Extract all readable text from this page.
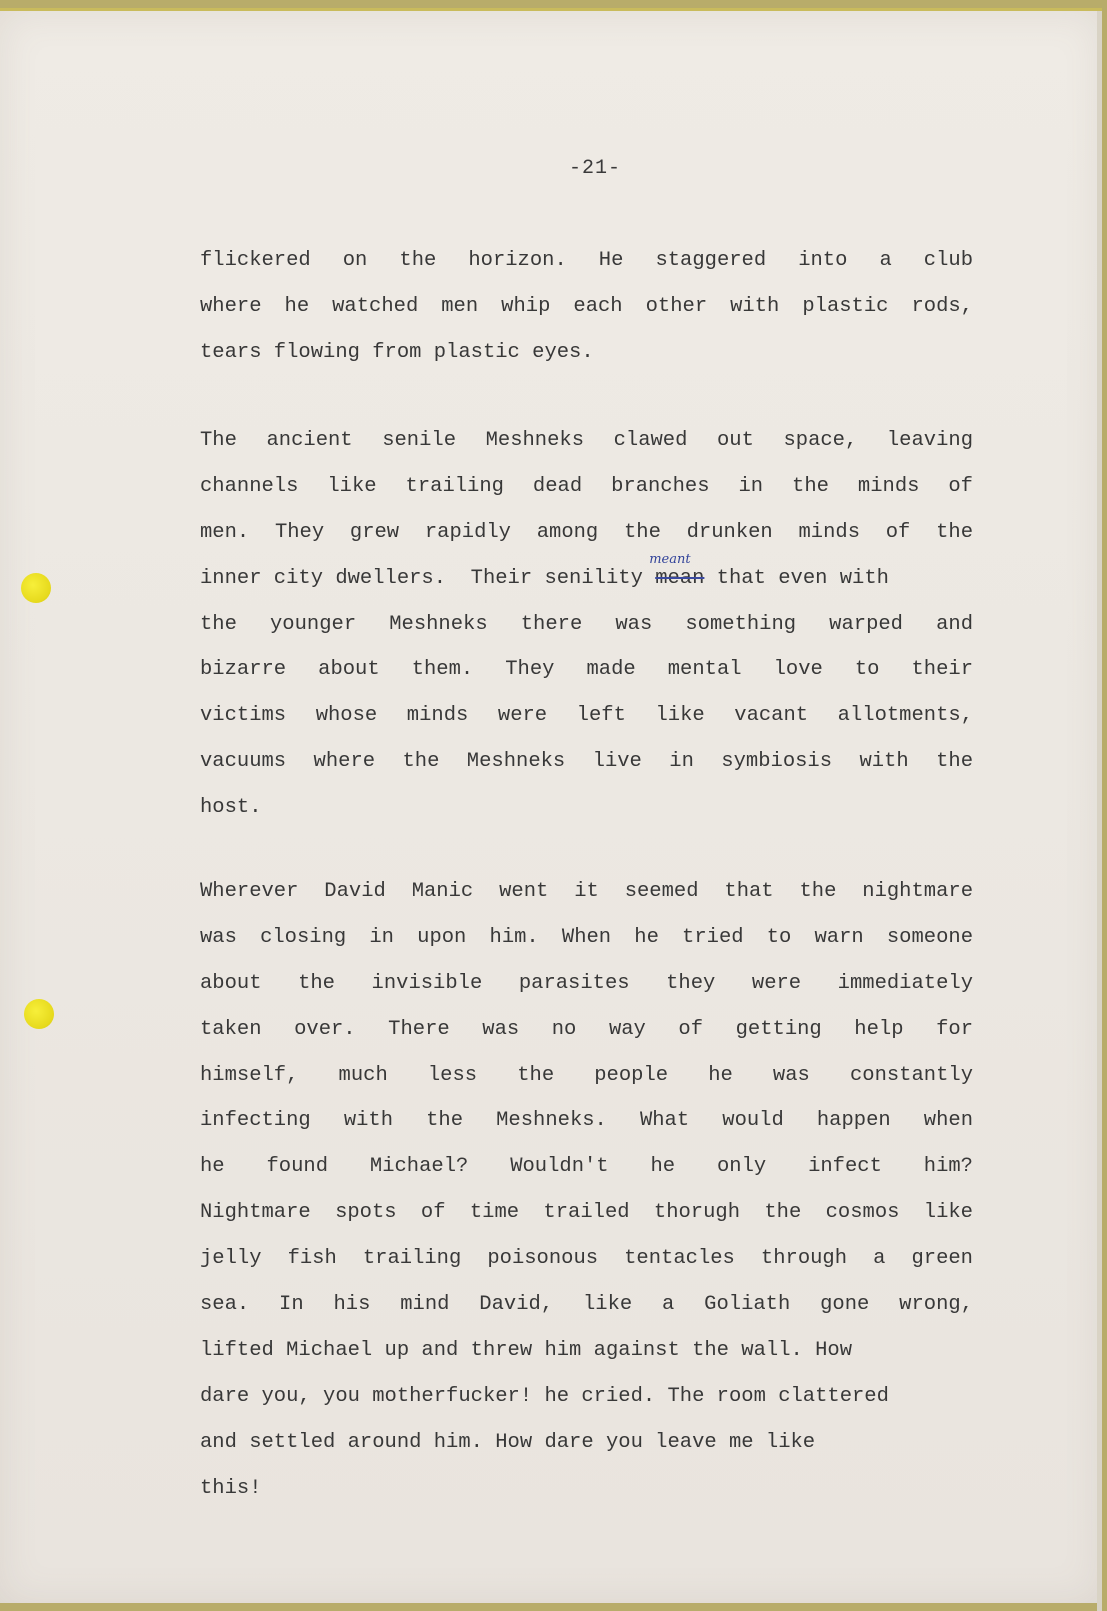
-21-
flickered on the horizon. He staggered into a club
where he watched men whip each other with plastic rods,
tears flowing from plastic eyes.
The ancient senile Meshneks clawed out space, leaving
channels like trailing dead branches in the minds of
men. They grew rapidly among the drunken minds of the
inner city dwellers.  Their senility mean
meant
that even with
the younger Meshneks there was something warped and
bizarre about them. They made mental love to their
victims whose minds were left like vacant allotments,
vacuums where the Meshneks live in symbiosis with the
host.
Wherever David Manic went it seemed that the nightmare
was closing in upon him. When he tried to warn someone
about the invisible parasites they were immediately
taken over. There was no way of getting help for
himself, much less the people he was constantly
infecting with the Meshneks. What would happen when
he found Michael? Wouldn't he only infect him?
Nightmare spots of time trailed thorugh the cosmos like
jelly fish trailing poisonous tentacles through a green
sea. In his mind David, like a Goliath gone wrong,
lifted Michael up and threw him against the wall. How
dare you, you motherfucker! he cried. The room clattered
and settled around him. How dare you leave me like
this!
